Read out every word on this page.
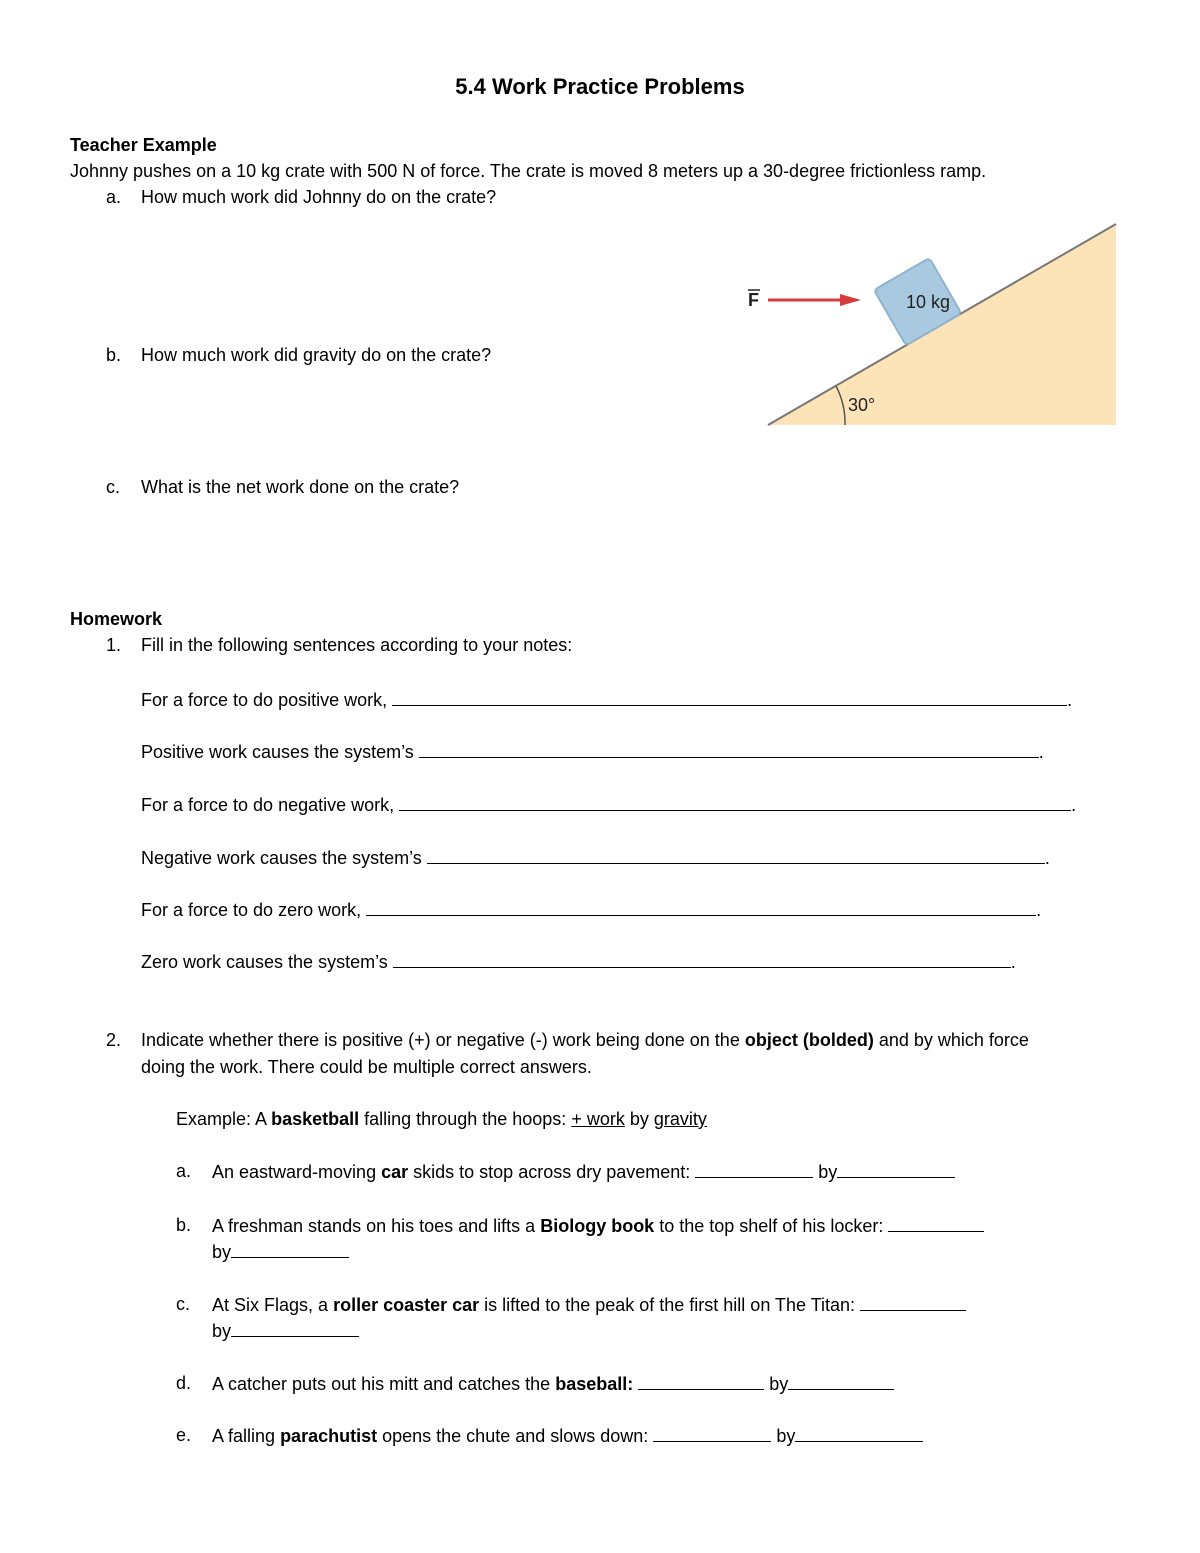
5.4 Work Practice Problems
Teacher Example
Johnny pushes on a 10 kg crate with 500 N of force. The crate is moved 8 meters up a 30-degree frictionless ramp.
a. How much work did Johnny do on the crate?
b. How much work did gravity do on the crate?
c. What is the net work done on the crate?
10 kg
F
30°
Homework
1. Fill in the following sentences according to your notes:
For a force to do positive work,	.
Positive work causes the system’s	.
For a force to do negative work,	.
Negative work causes the system’s	.
For a force to do zero work,	.
Zero work causes the system’s	.
2. Indicate whether there is positive (+) or negative (-) work being done on the object (bolded) and by which force
doing the work. There could be multiple correct answers.
Example: A basketball falling through the hoops: + work by gravity
a. An eastward-moving car skids to stop across dry pavement:	by
b. A freshman stands on his toes and lifts a Biology book to the top shelf of his locker:
by
c. At Six Flags, a roller coaster car is lifted to the peak of the first hill on The Titan:
by
d. A catcher puts out his mitt and catches the baseball:	by
e. A falling parachutist opens the chute and slows down:	by
